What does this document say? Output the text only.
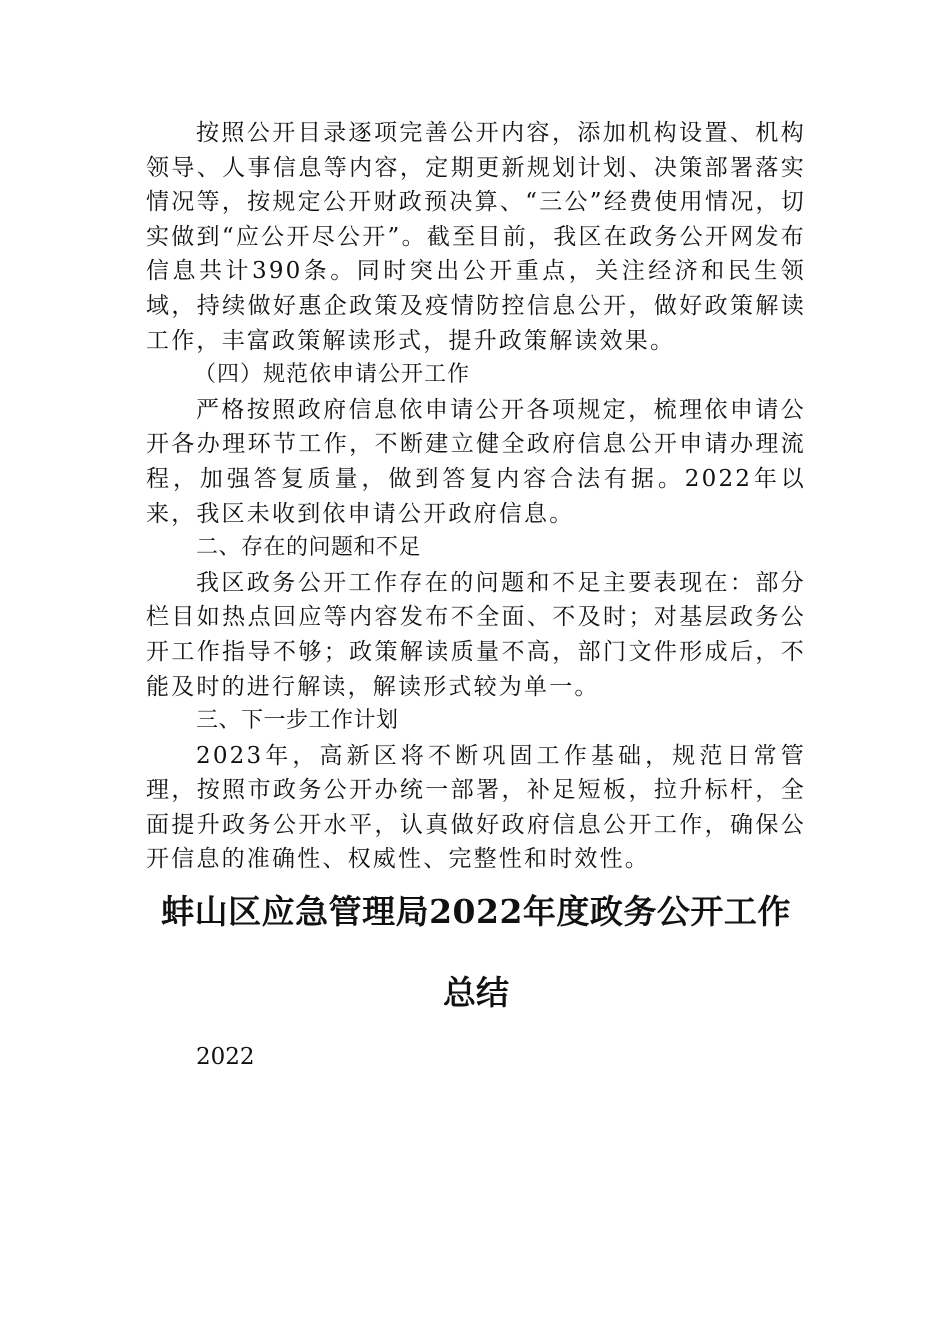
按照公开目录逐项完善公开内容，添加机构设置、机构领导、人事信息等内容，定期更新规划计划、决策部署落实情况等，按规定公开财政预决算、“三公”经费使用情况，切实做到“应公开尽公开”。截至目前，我区在政务公开网发布信息共计390条。同时突出公开重点，关注经济和民生领域，持续做好惠企政策及疫情防控信息公开，做好政策解读工作，丰富政策解读形式，提升政策解读效果。

（四）规范依申请公开工作

严格按照政府信息依申请公开各项规定，梳理依申请公开各办理环节工作，不断建立健全政府信息公开申请办理流程，加强答复质量，做到答复内容合法有据。2022年以来，我区未收到依申请公开政府信息。

二、存在的问题和不足

我区政务公开工作存在的问题和不足主要表现在：部分栏目如热点回应等内容发布不全面、不及时；对基层政务公开工作指导不够；政策解读质量不高，部门文件形成后，不能及时的进行解读，解读形式较为单一。

三、下一步工作计划

2023年，高新区将不断巩固工作基础，规范日常管理，按照市政务公开办统一部署，补足短板，拉升标杆，全面提升政务公开水平，认真做好政府信息公开工作，确保公开信息的准确性、权威性、完整性和时效性。

蚌山区应急管理局2022年度政务公开工作
总结

2022
